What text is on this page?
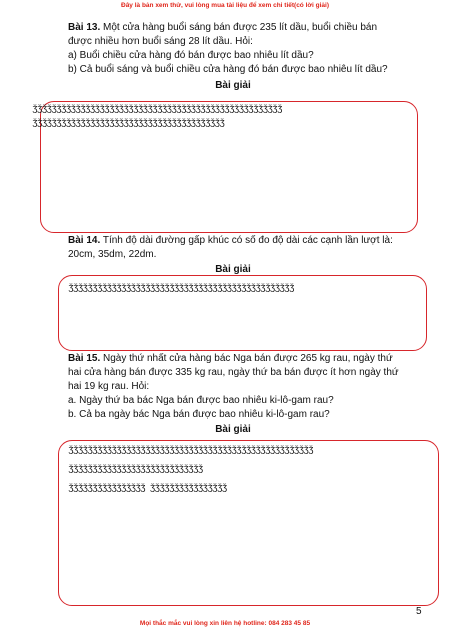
Đây là bản xem thử, vui lòng mua tài liệu để xem chi tiết(có lời giải)
Bài 13. Một cửa hàng buổi sáng bán được 235 lít dầu, buổi chiều bán
được nhiều hơn buổi sáng 28 lít dầu. Hỏi:
a) Buổi chiều cửa hàng đó bán được bao nhiêu lít dầu?
b) Cả buổi sáng và buổi chiều cửa hàng đó bán được bao nhiêu lít dầu?
Bài giải
ǯǯǯǯǯǯǯǯǯǯǯǯǯǯǯǯǯǯǯǯǯǯǯǯǯǯǯǯǯǯǯǯǯǯǯǯǯǯǯǯǯǯǯǯǯǯǯǯǯǯǯǯ
ǯǯǯǯǯǯǯǯǯǯǯǯǯǯǯǯǯǯǯǯǯǯǯǯǯǯǯǯǯǯǯǯǯǯǯǯǯǯǯǯ
Bài 14. Tính độ dài đường gấp khúc có số đo độ dài các cạnh lần lượt là:
20cm, 35dm, 22dm.
Bài giải
ǯǯǯǯǯǯǯǯǯǯǯǯǯǯǯǯǯǯǯǯǯǯǯǯǯǯǯǯǯǯǯǯǯǯǯǯǯǯǯǯǯǯǯǯǯǯǯ
Bài 15. Ngày thứ nhất cửa hàng bác Nga bán được 265 kg rau, ngày thứ
hai cửa hàng bán được 335 kg rau, ngày thứ ba bán được ít hơn ngày thứ
hai 19 kg rau. Hỏi:
a. Ngày thứ ba bác Nga bán được bao nhiêu ki-lô-gam rau?
b. Cả ba ngày bác Nga bán được bao nhiêu ki-lô-gam rau?
Bài giải
ǯǯǯǯǯǯǯǯǯǯǯǯǯǯǯǯǯǯǯǯǯǯǯǯǯǯǯǯǯǯǯǯǯǯǯǯǯǯǯǯǯǯǯǯǯǯǯǯǯǯǯ
ǯǯǯǯǯǯǯǯǯǯǯǯǯǯǯǯǯǯǯǯǯǯǯǯǯǯǯǯ
ǯǯǯǯǯǯǯǯǯǯǯǯǯǯǯǯ ǯǯǯǯǯǯǯǯǯǯǯǯǯǯǯǯ
5
Mọi thắc mắc vui lòng xin liên hệ hotline: 084 283 45 85
